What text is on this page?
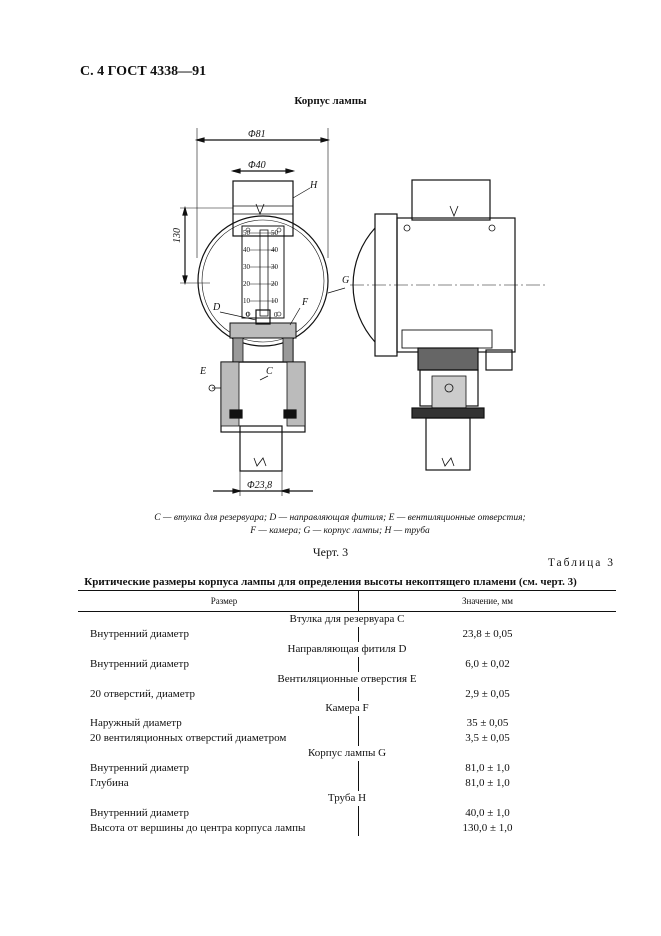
С. 4 ГОСТ 4338—91
Корпус лампы
Φ81
Φ40
H
130
G
50
40
30
20
10
0
50
40
30
20
10
0
D	F
E	C
Φ23,8
C — втулка для резервуара; D — направляющая фитиля; E — вентиляционные отверстия;
F — камера; G — корпус лампы; H — труба
Черт. 3
Таблица 3
Критические размеры корпуса лампы для определения высоты некоптящего пламени (см. черт. 3)
Размер	Значение, мм
Втулка для резервуара C	
Внутренний диаметр	23,8 ± 0,05
Направляющая фитиля D	
Внутренний диаметр	6,0 ± 0,02
Вентиляционные отверстия E	
20 отверстий, диаметр	2,9 ± 0,05
Камера F	
Наружный диаметр	35 ± 0,05
20 вентиляционных отверстий диаметром	3,5 ± 0,05
Корпус лампы G	
Внутренний диаметр	81,0 ± 1,0
Глубина	81,0 ± 1,0
Труба H	
Внутренний диаметр	40,0 ± 1,0
Высота от вершины до центра корпуса лампы	130,0 ± 1,0
